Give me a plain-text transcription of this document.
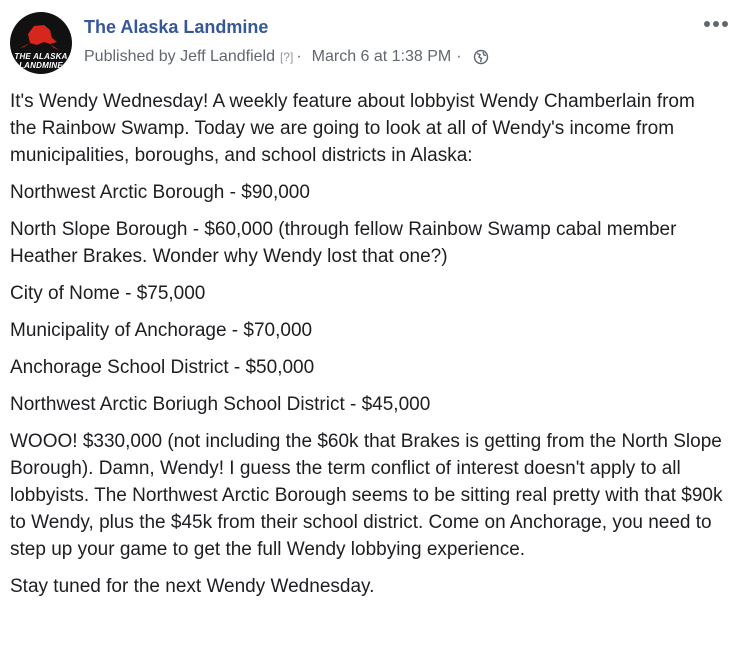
THE ALASKA
LANDMINE
The Alaska Landmine
Published by
Jeff Landfield [?] · March 6 at 1:38 PM ·

It's Wendy Wednesday! A weekly feature about lobbyist Wendy Chamberlain from the Rainbow Swamp. Today we are going to look at all of Wendy's income from municipalities, boroughs, and school districts in Alaska:

Northwest Arctic Borough - $90,000

North Slope Borough - $60,000 (through fellow Rainbow Swamp cabal member Heather Brakes. Wonder why Wendy lost that one?)

City of Nome - $75,000

Municipality of Anchorage - $70,000

Anchorage School District - $50,000

Northwest Arctic Boriugh School District - $45,000

WOOO! $330,000 (not including the $60k that Brakes is getting from the North Slope Borough). Damn, Wendy! I guess the term conflict of interest doesn't apply to all lobbyists. The Northwest Arctic Borough seems to be sitting real pretty with that $90k to Wendy, plus the $45k from their school district. Come on Anchorage, you need to step up your game to get the full Wendy lobbying experience.

Stay tuned for the next Wendy Wednesday.
